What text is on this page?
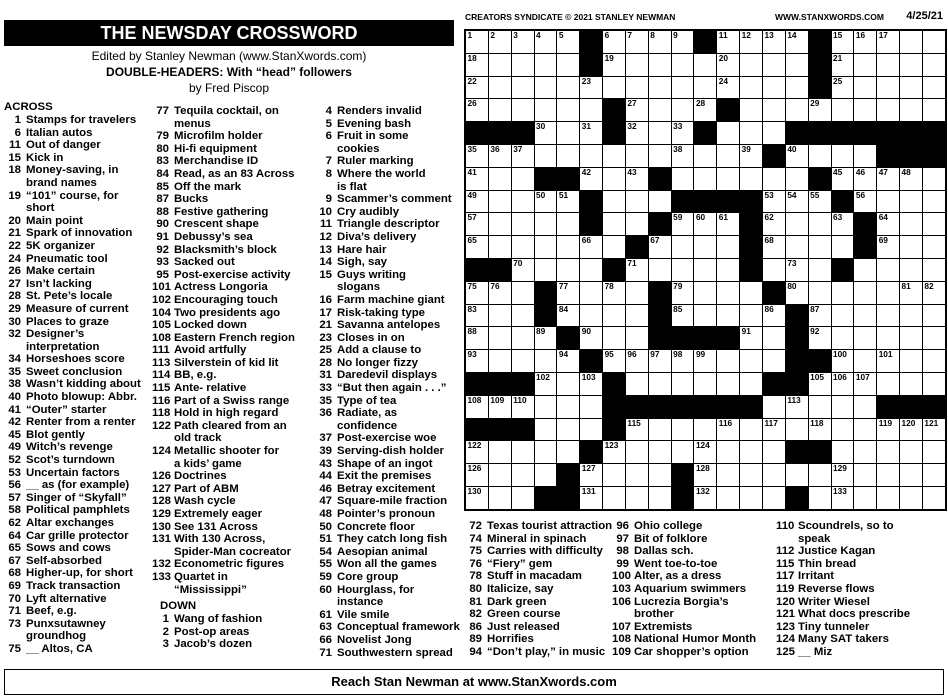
THE NEWSDAY CROSSWORD
Edited by Stanley Newman (www.StanXwords.com)
DOUBLE-HEADERS: With “head” followers
by Fred Piscop
CREATORS SYNDICATE © 2021 STANLEY NEWMAN	WWW.STANXWORDS.COM 4/25/21
ACROSS
1 Stamps for travelers
6 Italian autos
11 Out of danger
15 Kick in
18 Money-saving, in
brand names
19 “101” course, for
short
20 Main point
21 Spark of innovation
22 5K organizer
24 Pneumatic tool
26 Make certain
27 Isn’t lacking
28 St. Pete’s locale
29 Measure of current
30 Places to graze
32 Designer’s
interpretation
34 Horseshoes score
35 Sweet conclusion
38 Wasn’t kidding about
40 Photo blowup: Abbr.
41 “Outer” starter
42 Renter from a renter
45 Blot gently
49 Witch’s revenge
52 Scot’s turndown
53 Uncertain factors
56 __ as (for example)
57 Singer of “Skyfall”
58 Political pamphlets
62 Altar exchanges
64 Car grille protector
65 Sows and cows
67 Self-absorbed
68 Higher-up, for short
69 Track transaction
70 Lyft alternative
71 Beef, e.g.
73 Punxsutawney
groundhog
75 __ Altos, CA
77 Tequila cocktail, on
menus
79 Microfilm holder
80 Hi-fi equipment
83 Merchandise ID
84 Read, as an 83 Across
85 Off the mark
87 Bucks
88 Festive gathering
90 Crescent shape
91 Debussy’s sea
92 Blacksmith’s block
93 Sacked out
95 Post-exercise activity
101 Actress Longoria
102 Encouraging touch
104 Two presidents ago
105 Locked down
108 Eastern French region
111 Avoid artfully
113 Silverstein of kid lit
114 BB, e.g.
115 Ante- relative
116 Part of a Swiss range
118 Hold in high regard
122 Path cleared from an
old track
124 Metallic shooter for
a kids’ game
126 Doctrines
127 Part of ABM
128 Wash cycle
129 Extremely eager
130 See 131 Across
131 With 130 Across,
Spider-Man cocreator
132 Econometric figures
133 Quartet in
“Mississippi”
DOWN
1 Wang of fashion
2 Post-op areas
3 Jacob’s dozen
4 Renders invalid
5 Evening bash
6 Fruit in some
cookies
7 Ruler marking
8 Where the world
is flat
9 Scammer’s comment
10 Cry audibly
11 Triangle descriptor
12 Diva’s delivery
13 Hare hair
14 Sigh, say
15 Guys writing
slogans
16 Farm machine giant
17 Risk-taking type
21 Savanna antelopes
23 Closes in on
25 Add a clause to
28 No longer fizzy
31 Daredevil displays
33 “But then again . . .”
35 Type of tea
36 Radiate, as
confidence
37 Post-exercise woe
39 Serving-dish holder
43 Shape of an ingot
44 Exit the premises
46 Betray excitement
47 Square-mile fraction
48 Pointer’s pronoun
50 Concrete floor
51 They catch long fish
54 Aesopian animal
55 Won all the games
59 Core group
60 Hourglass, for
instance
61 Vile smile
63 Conceptual framework
66 Novelist Jong
71 Southwestern spread
72 Texas tourist attraction
74 Mineral in spinach
75 Carries with difficulty
76 “Fiery” gem
78 Stuff in macadam
80 Italicize, say
81 Dark green
82 Green course
86 Just released
89 Horrifies
94 “Don’t play,” in music
96 Ohio college
97 Bit of folklore
98 Dallas sch.
99 Went toe-to-toe
100 Alter, as a dress
103 Aquarium swimmers
106 Lucrezia Borgia’s
brother
107 Extremists
108 National Humor Month
109 Car shopper’s option
110 Scoundrels, so to
speak
112 Justice Kagan
115 Thin bread
117 Irritant
119 Reverse flows
120 Writer Wiesel
121 What docs prescribe
123 Tiny tunneler
124 Many SAT takers
125 __ Miz
1	2	3	4	5		6	7	8	9		11	12	13	14		15	16	17		

18						19					20					21				

22					23						24					25				

26							27			28					29					

			30		31		32		33											

35	36	37							38			39		40						

41					42		43									45	46	47	48	

49			50	51									53	54	55		56			

57									59	60	61		62			63		64		

65					66			67					68					69		

		70					71							73						

75	76			77		78			79					80					81	82

83				84					85				86		87					

88			89		90							91			92					

93				94		95	96	97	98	99						100		101		

			102		103										105	106	107			

108	109	110												113						

							115				116		117		118			119	120	121

122						123				124										

126					127					128						129				

130					131					132						133				

Reach Stan Newman at www.StanXwords.com
